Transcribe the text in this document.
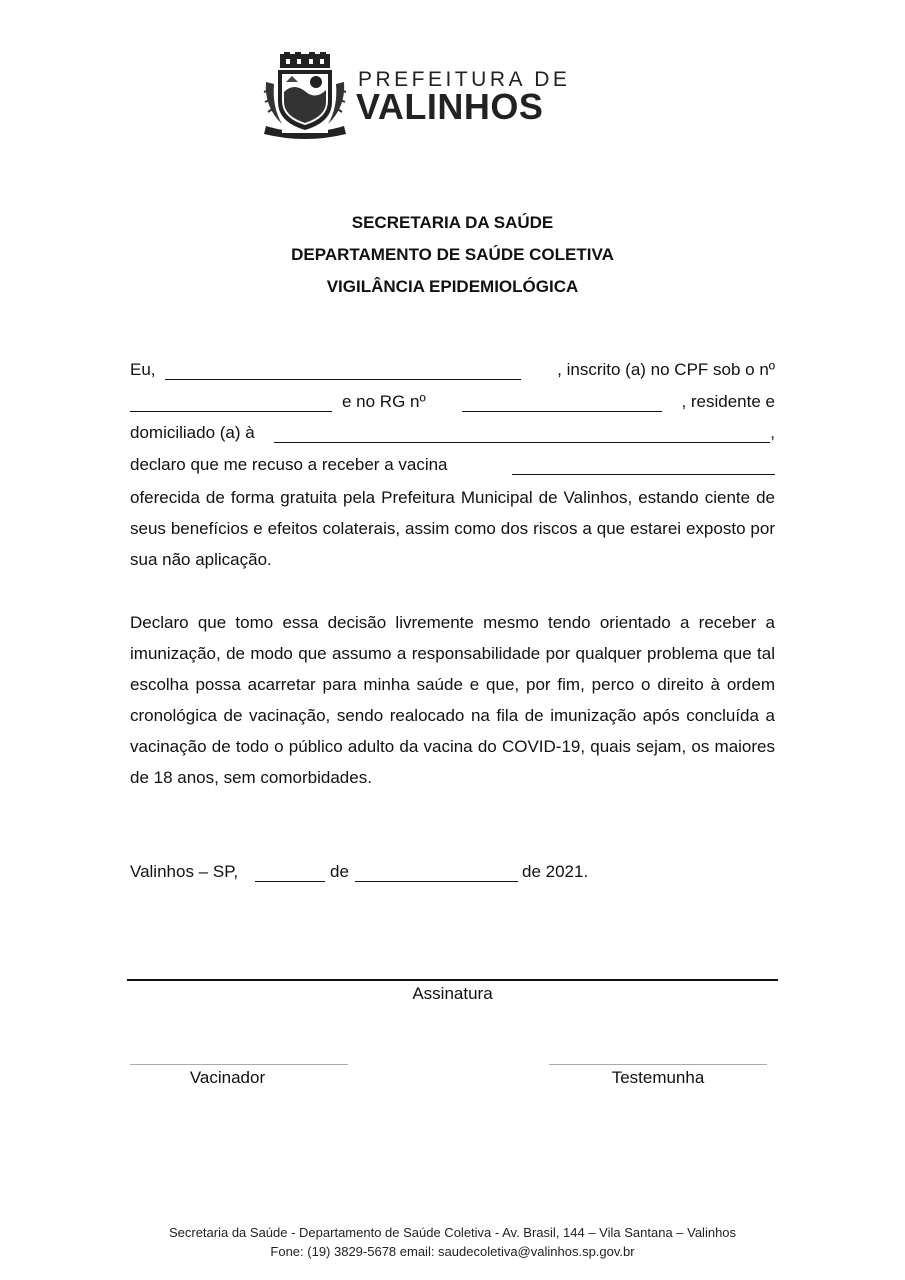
PREFEITURA DE
VALINHOS
SECRETARIA DA SAÚDE
DEPARTAMENTO DE SAÚDE COLETIVA
VIGILÂNCIA EPIDEMIOLÓGICA
Eu,	, inscrito (a) no CPF sob o nº
e no RG nº	, residente e
domiciliado (a) à	,
declaro que me recuso a receber a vacina

oferecida de forma gratuita pela Prefeitura Municipal de Valinhos, estando ciente de seus benefícios e efeitos colaterais, assim como dos riscos a que estarei exposto por sua não aplicação.

Declaro que tomo essa decisão livremente mesmo tendo orientado a receber a imunização, de modo que assumo a responsabilidade por qualquer problema que tal escolha possa acarretar para minha saúde e que, por fim, perco o direito à ordem cronológica de vacinação, sendo realocado na fila de imunização após concluída a vacinação de todo o público adulto da vacina do COVID-19, quais sejam, os maiores de 18 anos, sem comorbidades.

Valinhos – SP,	de	de 2021.
Assinatura
Vacinador	Testemunha
Secretaria da Saúde - Departamento de Saúde Coletiva - Av. Brasil, 144 – Vila Santana – Valinhos
Fone: (19) 3829-5678 email: saudecoletiva@valinhos.sp.gov.br
